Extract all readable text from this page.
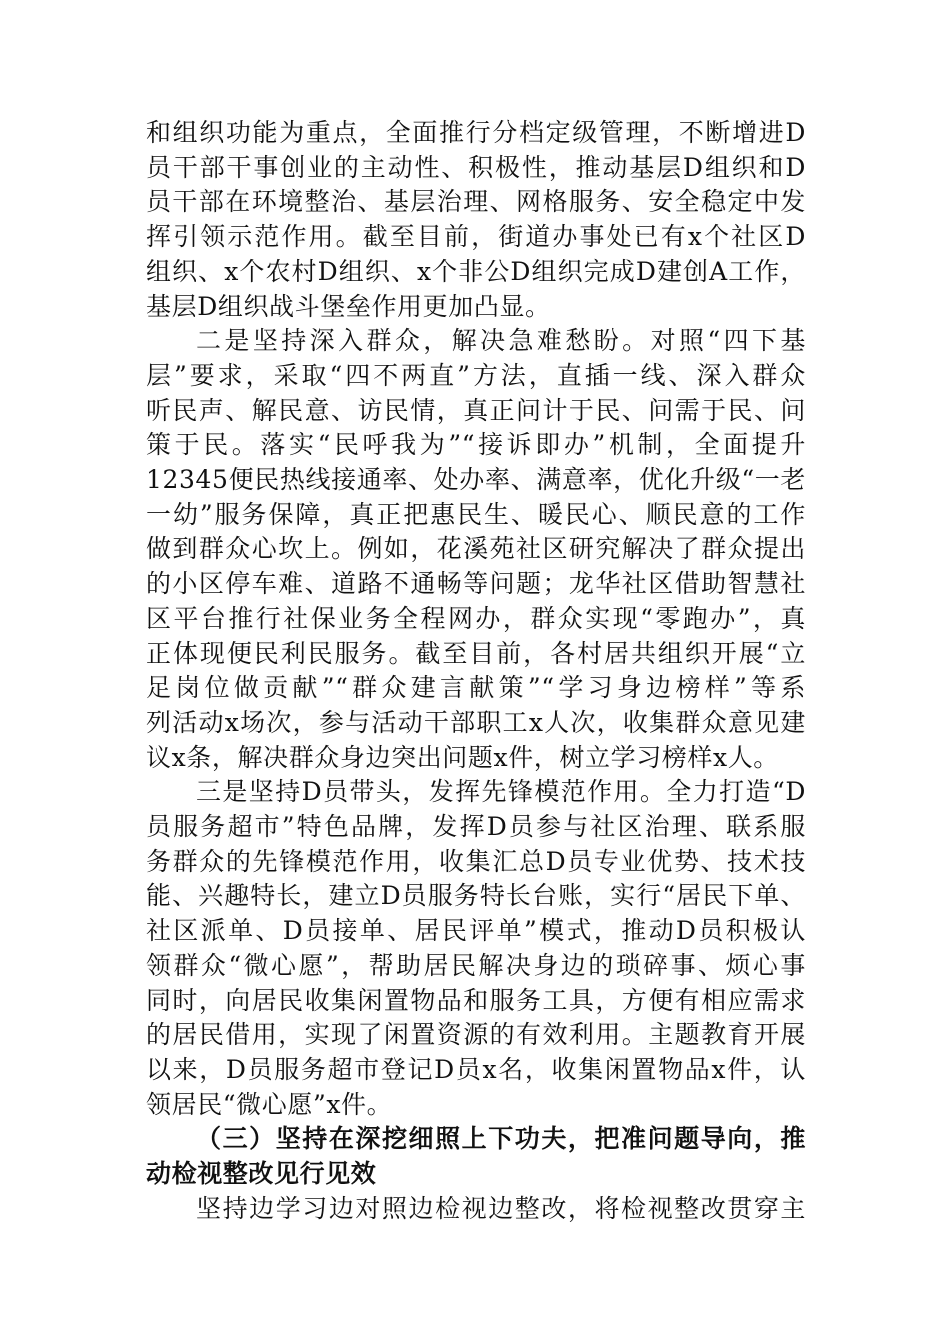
和组织功能为重点，全面推行分档定级管理，不断增进D
员干部干事创业的主动性、积极性，推动基层D组织和D
员干部在环境整治、基层治理、网格服务、安全稳定中发
挥引领示范作用。截至目前，街道办事处已有x个社区D
组织、x个农村D组织、x个非公D组织完成D建创A工作，
基层D组织战斗堡垒作用更加凸显。
二是坚持深入群众，解决急难愁盼。对照“四下基
层”要求，采取“四不两直”方法，直插一线、深入群众
听民声、解民意、访民情，真正问计于民、问需于民、问
策于民。落实“民呼我为”“接诉即办”机制，全面提升
12345便民热线接通率、处办率、满意率，优化升级“一老
一幼”服务保障，真正把惠民生、暖民心、顺民意的工作
做到群众心坎上。例如，花溪苑社区研究解决了群众提出
的小区停车难、道路不通畅等问题；龙华社区借助智慧社
区平台推行社保业务全程网办，群众实现“零跑办”，真
正体现便民利民服务。截至目前，各村居共组织开展“立
足岗位做贡献”“群众建言献策”“学习身边榜样”等系
列活动x场次，参与活动干部职工x人次，收集群众意见建
议x条，解决群众身边突出问题x件，树立学习榜样x人。
三是坚持D员带头，发挥先锋模范作用。全力打造“D
员服务超市”特色品牌，发挥D员参与社区治理、联系服
务群众的先锋模范作用，收集汇总D员专业优势、技术技
能、兴趣特长，建立D员服务特长台账，实行“居民下单、
社区派单、D员接单、居民评单”模式，推动D员积极认
领群众“微心愿”，帮助居民解决身边的琐碎事、烦心事
同时，向居民收集闲置物品和服务工具，方便有相应需求
的居民借用，实现了闲置资源的有效利用。主题教育开展
以来，D员服务超市登记D员x名，收集闲置物品x件，认
领居民“微心愿”x件。
（三）坚持在深挖细照上下功夫，把准问题导向，推
动检视整改见行见效
坚持边学习边对照边检视边整改，将检视整改贯穿主
